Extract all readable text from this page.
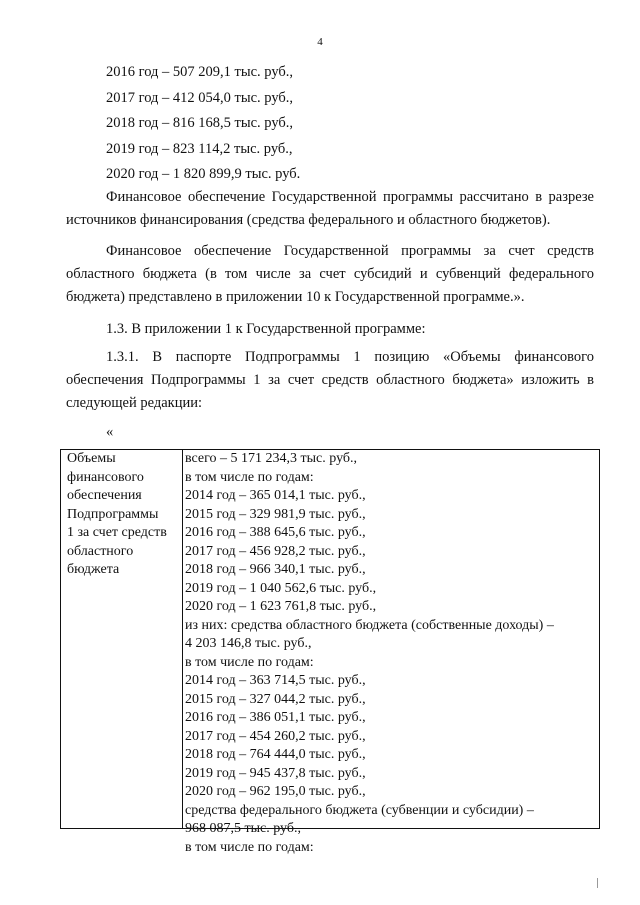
4
2016 год – 507 209,1 тыс. руб.,
2017 год – 412 054,0 тыс. руб.,
2018 год – 816 168,5 тыс. руб.,
2019 год – 823 114,2 тыс. руб.,
2020 год – 1 820 899,9 тыс. руб.

Финансовое обеспечение Государственной программы рассчитано в разрезе источников финансирования (средства федерального и областного бюджетов).

Финансовое обеспечение Государственной программы за счет средств областного бюджета (в том числе за счет субсидий и субвенций федерального бюджета) представлено в приложении 10 к Государственной программе.».

1.3. В приложении 1 к Государственной программе:

1.3.1. В паспорте Подпрограммы 1 позицию «Объемы финансового обеспечения Подпрограммы 1 за счет средств областного бюджета» изложить в следующей редакции:

«
Объемы
финансового
обеспечения
Подпрограммы
1 за счет средств
областного
бюджета
всего – 5 171 234,3 тыс. руб.,
в том числе по годам:
2014 год – 365 014,1 тыс. руб.,
2015 год – 329 981,9 тыс. руб.,
2016 год – 388 645,6 тыс. руб.,
2017 год – 456 928,2 тыс. руб.,
2018 год – 966 340,1 тыс. руб.,
2019 год – 1 040 562,6 тыс. руб.,
2020 год – 1 623 761,8 тыс. руб.,
из них: средства областного бюджета (собственные доходы) –
4 203 146,8 тыс. руб.,
в том числе по годам:
2014 год – 363 714,5 тыс. руб.,
2015 год – 327 044,2 тыс. руб.,
2016 год – 386 051,1 тыс. руб.,
2017 год – 454 260,2 тыс. руб.,
2018 год – 764 444,0 тыс. руб.,
2019 год – 945 437,8 тыс. руб.,
2020 год – 962 195,0 тыс. руб.,
средства федерального бюджета (субвенции и субсидии) –
968 087,5 тыс. руб.,
в том числе по годам:
